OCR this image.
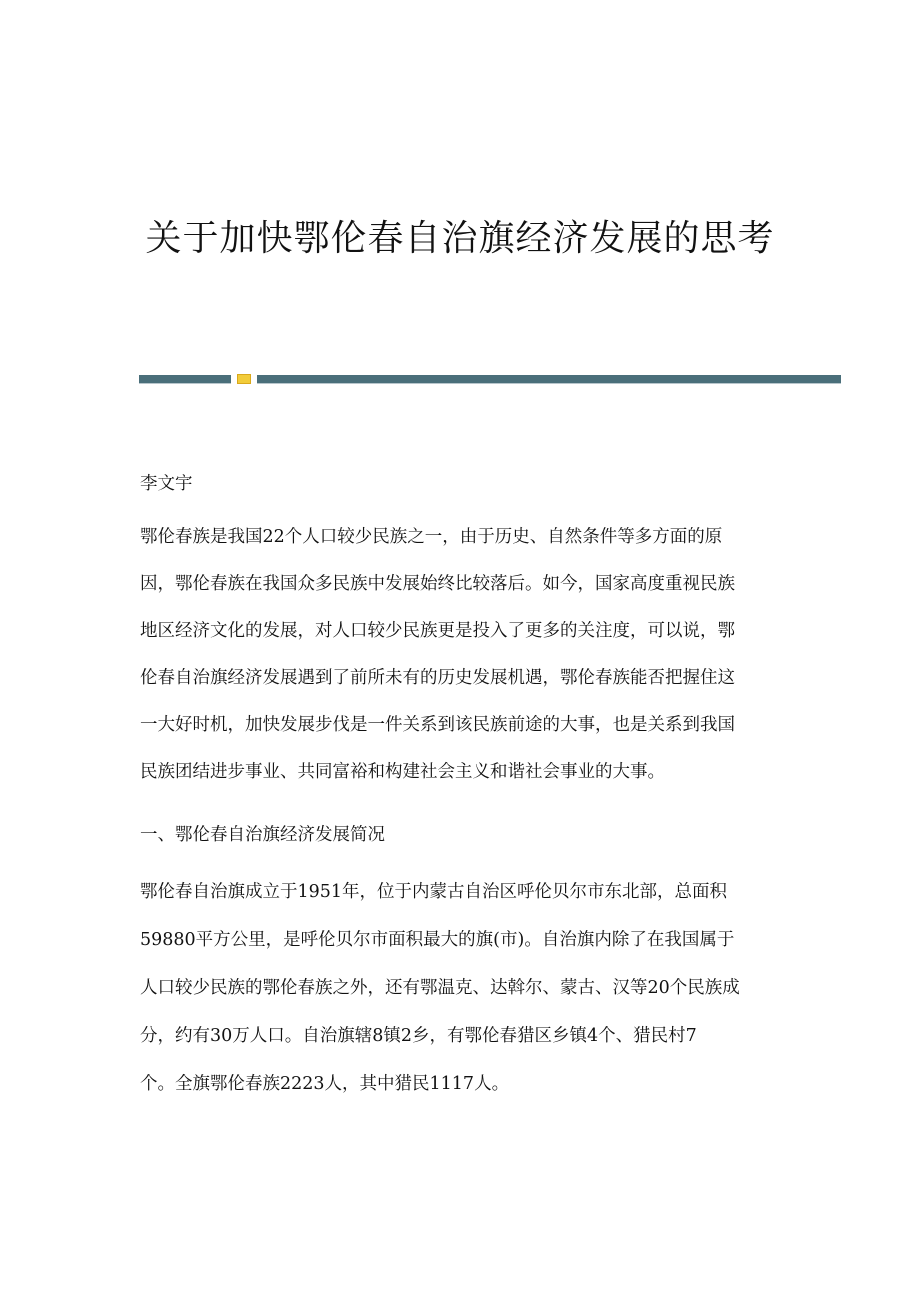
关于加快鄂伦春自治旗经济发展的思考
李文宇
鄂伦春族是我国22个人口较少民族之一，由于历史、自然条件等多方面的原
因，鄂伦春族在我国众多民族中发展始终比较落后。如今，国家高度重视民族
地区经济文化的发展，对人口较少民族更是投入了更多的关注度，可以说，鄂
伦春自治旗经济发展遇到了前所未有的历史发展机遇，鄂伦春族能否把握住这
一大好时机，加快发展步伐是一件关系到该民族前途的大事，也是关系到我国
民族团结进步事业、共同富裕和构建社会主义和谐社会事业的大事。
一、鄂伦春自治旗经济发展简况
鄂伦春自治旗成立于1951年，位于内蒙古自治区呼伦贝尔市东北部，总面积
59880平方公里，是呼伦贝尔市面积最大的旗(市)。自治旗内除了在我国属于
人口较少民族的鄂伦春族之外，还有鄂温克、达斡尔、蒙古、汉等20个民族成
分，约有30万人口。自治旗辖8镇2乡，有鄂伦春猎区乡镇4个、猎民村7
个。全旗鄂伦春族2223人，其中猎民1117人。
